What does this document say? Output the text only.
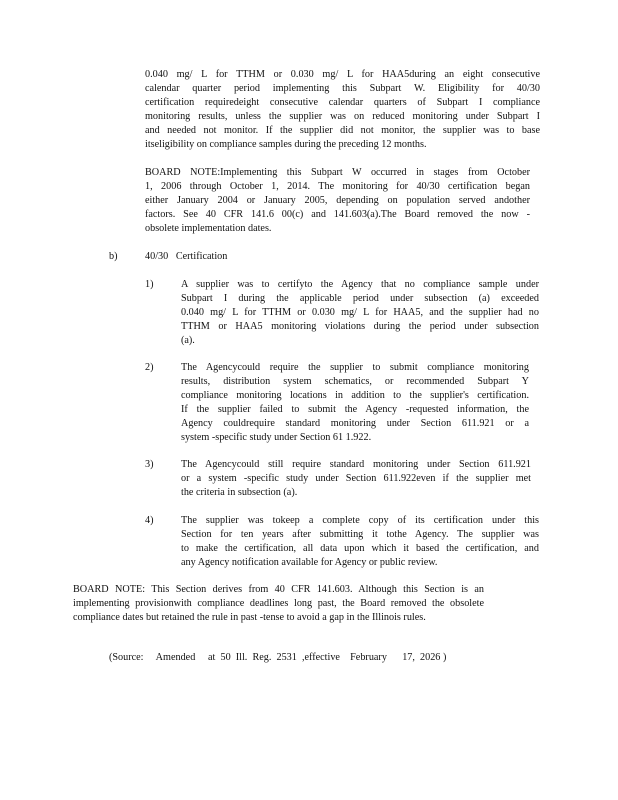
0.040 mg/ L for TTHM or 0.030 mg/ L for HAA5during an eight consecutive
calendar quarter period implementing this Subpart W. Eligibility for 40/30
certification requiredeight consecutive calendar quarters of Subpart I compliance
monitoring results, unless the supplier was on reduced monitoring under Subpart I
and needed not monitor. If the supplier did not monitor, the supplier was to base
itseligibility on compliance samples during the preceding 12 months.
BOARD NOTE:Implementing this Subpart W occurred in stages from October
1, 2006 through October 1, 2014. The monitoring for 40/30 certification began
either January 2004 or January 2005, depending on population served andother
factors. See 40 CFR 141.6 00(c) and 141.603(a).The Board removed the now -
obsolete implementation dates.
b)	40/30   Certification
1)	A supplier was to certifyto the Agency that no compliance sample under
Subpart I during the applicable period under subsection (a) exceeded
0.040 mg/ L for TTHM or 0.030 mg/ L for HAA5, and the supplier had no
TTHM or HAA5 monitoring violations during the period under subsection
(a).
2)	The Agencycould require the supplier to submit compliance monitoring
results, distribution system schematics, or recommended Subpart Y
compliance monitoring locations in addition to the supplier's certification.
If the supplier failed to submit the Agency -requested information, the
Agency couldrequire standard monitoring under Section 611.921 or a
system -specific study under Section 61 1.922.
3)	The Agencycould still require standard monitoring under Section 611.921
or a system -specific study under Section 611.922even if the supplier met
the criteria in subsection (a).
4)	The supplier was tokeep a complete copy of its certification under this
Section for ten years after submitting it tothe Agency. The supplier was
to make the certification, all data upon which it based the certification, and
any Agency notification available for Agency or public review.
BOARD NOTE: This Section derives from 40 CFR 141.603. Although this Section is an
implementing provisionwith compliance deadlines long past, the Board removed the obsolete
compliance dates but retained the rule in past -tense to avoid a gap in the Illinois rules.
(Source:     Amended     at  50  Ill.  Reg.  2531  ,effective    February      17,  2026 )
